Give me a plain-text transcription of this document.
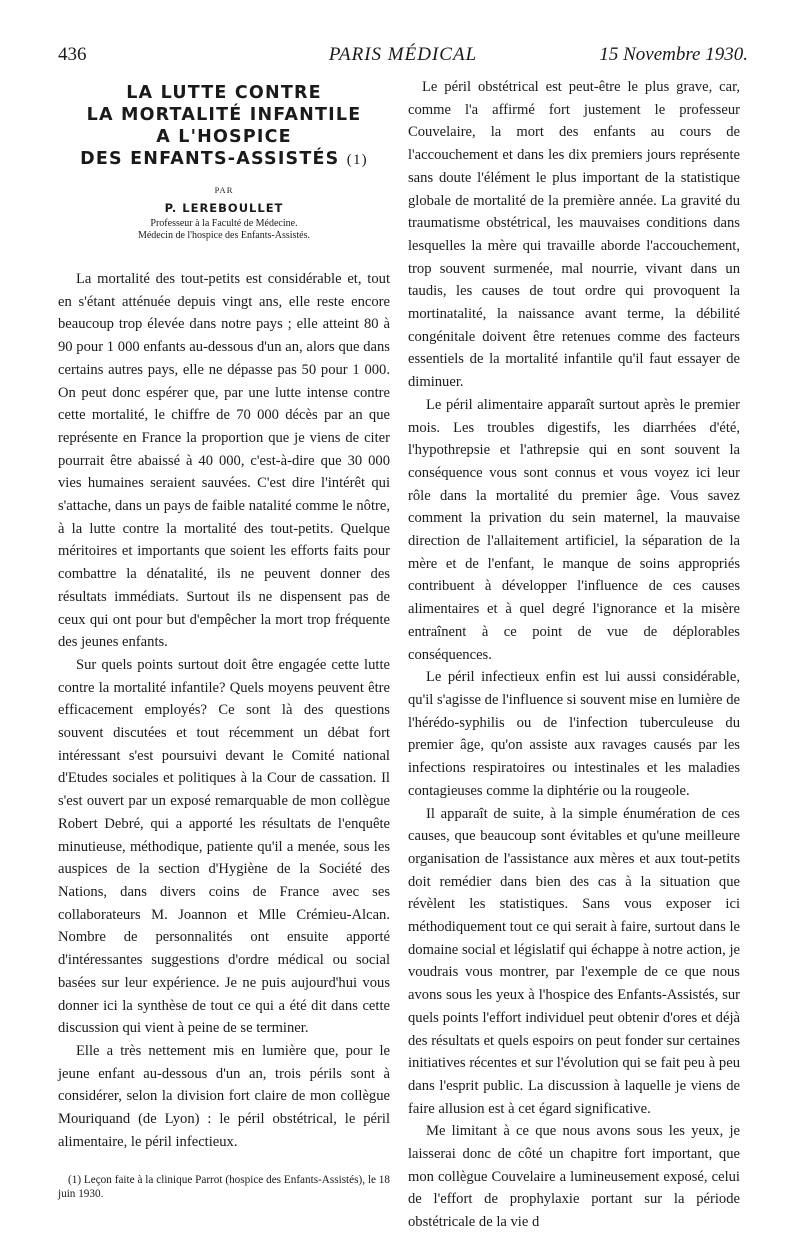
436	PARIS MÉDICAL	15 Novembre 1930.
LA LUTTE CONTRE
LA MORTALITÉ INFANTILE
A L'HOSPICE
DES ENFANTS-ASSISTÉS (1)
PAR
P. LEREBOULLET
Professeur à la Faculté de Médecine.
Médecin de l'hospice des Enfants-Assistés.

La mortalité des tout-petits est considérable et, tout en s'étant atténuée depuis vingt ans, elle reste encore beaucoup trop élevée dans notre pays ; elle atteint 80 à 90 pour 1 000 enfants au-dessous d'un an, alors que dans certains autres pays, elle ne dépasse pas 50 pour 1 000. On peut donc espérer que, par une lutte intense contre cette mortalité, le chiffre de 70 000 décès par an que représente en France la proportion que je viens de citer pourrait être abaissé à 40 000, c'est-à-dire que 30 000 vies humaines seraient sauvées. C'est dire l'intérêt qui s'attache, dans un pays de faible natalité comme le nôtre, à la lutte contre la mortalité des tout-petits. Quelque méritoires et importants que soient les efforts faits pour combattre la dénatalité, ils ne peuvent donner des résultats immédiats. Surtout ils ne dispensent pas de ceux qui ont pour but d'empêcher la mort trop fréquente des jeunes enfants.

Sur quels points surtout doit être engagée cette lutte contre la mortalité infantile? Quels moyens peuvent être efficacement employés? Ce sont là des questions souvent discutées et tout récemment un débat fort intéressant s'est poursuivi devant le Comité national d'Etudes sociales et politiques à la Cour de cassation. Il s'est ouvert par un exposé remarquable de mon collègue Robert Debré, qui a apporté les résultats de l'enquête minutieuse, méthodique, patiente qu'il a menée, sous les auspices de la section d'Hygiène de la Société des Nations, dans divers coins de France avec ses collaborateurs M. Joannon et Mlle Crémieu-Alcan. Nombre de personnalités ont ensuite apporté d'intéressantes suggestions d'ordre médical ou social basées sur leur expérience. Je ne puis aujourd'hui vous donner ici la synthèse de tout ce qui a été dit dans cette discussion qui vient à peine de se terminer.

Elle a très nettement mis en lumière que, pour le jeune enfant au-dessous d'un an, trois périls sont à considérer, selon la division fort claire de mon collègue Mouriquand (de Lyon) : le péril obstétrical, le péril alimentaire, le péril infectieux.

(1) Leçon faite à la clinique Parrot (hospice des Enfants-Assistés), le 18 juin 1930.

Le péril obstétrical est peut-être le plus grave, car, comme l'a affirmé fort justement le professeur Couvelaire, la mort des enfants au cours de l'accouchement et dans les dix premiers jours représente sans doute l'élément le plus important de la statistique globale de mortalité de la première année. La gravité du traumatisme obstétrical, les mauvaises conditions dans lesquelles la mère qui travaille aborde l'accouchement, trop souvent surmenée, mal nourrie, vivant dans un taudis, les causes de tout ordre qui provoquent la mortinatalité, la naissance avant terme, la débilité congénitale doivent être retenues comme des facteurs essentiels de la mortalité infantile qu'il faut essayer de diminuer.

Le péril alimentaire apparaît surtout après le premier mois. Les troubles digestifs, les diarrhées d'été, l'hypothrepsie et l'athrepsie qui en sont souvent la conséquence vous sont connus et vous voyez ici leur rôle dans la mortalité du premier âge. Vous savez comment la privation du sein maternel, la mauvaise direction de l'allaitement artificiel, la séparation de la mère et de l'enfant, le manque de soins appropriés contribuent à développer l'influence de ces causes alimentaires et à quel degré l'ignorance et la misère entraînent à ce point de vue de déplorables conséquences.

Le péril infectieux enfin est lui aussi considérable, qu'il s'agisse de l'influence si souvent mise en lumière de l'hérédo-syphilis ou de l'infection tuberculeuse du premier âge, qu'on assiste aux ravages causés par les infections respiratoires ou intestinales et les maladies contagieuses comme la diphtérie ou la rougeole.

Il apparaît de suite, à la simple énumération de ces causes, que beaucoup sont évitables et qu'une meilleure organisation de l'assistance aux mères et aux tout-petits doit remédier dans bien des cas à la situation que révèlent les statistiques. Sans vous exposer ici méthodiquement tout ce qui serait à faire, surtout dans le domaine social et législatif qui échappe à notre action, je voudrais vous montrer, par l'exemple de ce que nous avons sous les yeux à l'hospice des Enfants-Assistés, sur quels points l'effort individuel peut obtenir d'ores et déjà des résultats et quels espoirs on peut fonder sur certaines initiatives récentes et sur l'évolution qui se fait peu à peu dans l'esprit public. La discussion à laquelle je viens de faire allusion est à cet égard significative.

Me limitant à ce que nous avons sous les yeux, je laisserai donc de côté un chapitre fort important, que mon collègue Couvelaire a lumineusement exposé, celui de l'effort de prophylaxie portant sur la période obstétricale de la vie d
